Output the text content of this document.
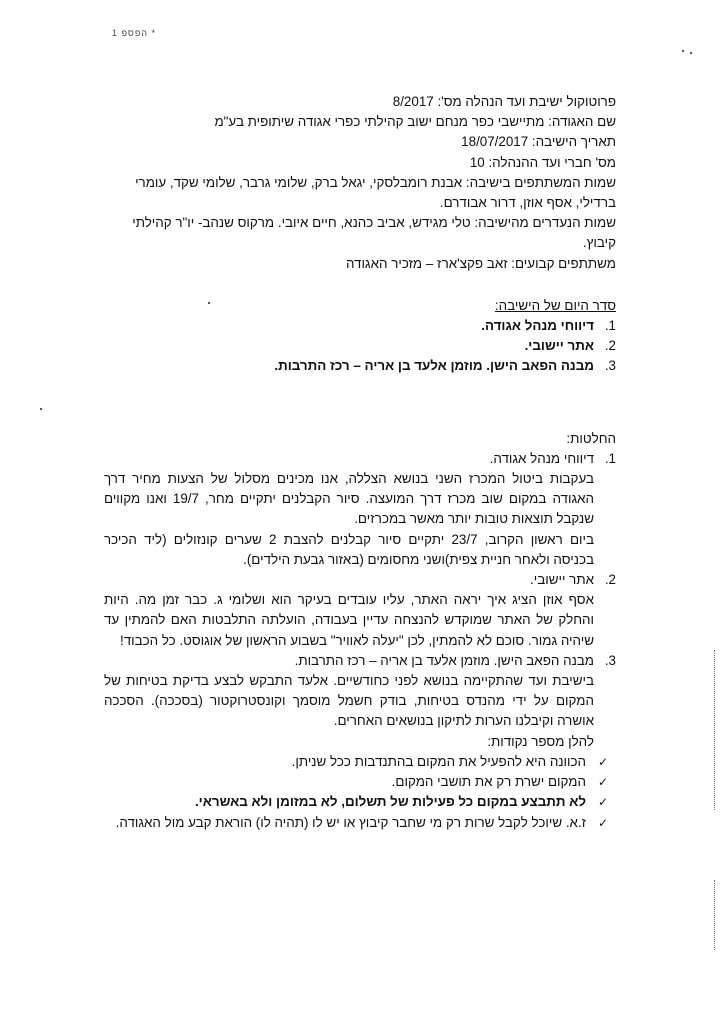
הפספ 1 *

פרוטוקול ישיבת ועד הנהלה מס': 8/2017

שם האגודה: מתיישבי כפר מנחם ישוב קהילתי כפרי אגודה שיתופית בע"מ

תאריך הישיבה: 18/07/2017

מס' חברי ועד ההנהלה: 10

שמות המשתתפים בישיבה: אבנת רומבלסקי, יגאל ברק, שלומי גרבר, שלומי שקד, עומרי ברדילי, אסף אוזן, דרור אבודרם.

שמות הנעדרים מהישיבה: טלי מגידש, אביב כהנא, חיים איובי. מרקוס שנהב- יו"ר קהילתי קיבוץ.

משתתפים קבועים: זאב פקצ'ארז – מזכיר האגודה

סדר היום של הישיבה:

1.
דיווחי מנהל אגודה.
2.
אתר יישובי.
3.
מבנה הפאב הישן. מוזמן אלעד בן אריה – רכז התרבות.

החלטות:

1.
דיווחי מנהל אגודה.

בעקבות ביטול המכרז השני בנושא הצללה, אנו מכינים מסלול של הצעות מחיר דרך האגודה במקום שוב מכרז דרך המועצה. סיור הקבלנים יתקיים מחר, 19/7 ואנו מקווים שנקבל תוצאות טובות יותר מאשר במכרזים.

ביום ראשון הקרוב, 23/7 יתקיים סיור קבלנים להצבת 2 שערים קונזולים (ליד הכיכר בכניסה ולאחר חניית צפית)ושני מחסומים (באזור גבעת הילדים).

2.
אתר יישובי.

אסף אוזן הציג איך יראה האתר, עליו עובדים בעיקר הוא ושלומי ג. כבר זמן מה. היות והחלק של האתר שמוקדש להנצחה עדיין בעבודה, הועלתה התלבטות האם להמתין עד שיהיה גמור. סוכם לא להמתין, לכן "יעלה לאוויר" בשבוע הראשון של אוגוסט. כל הכבוד!

3.
מבנה הפאב הישן. מוזמן אלעד בן אריה – רכז התרבות.

בישיבת ועד שהתקיימה בנושא לפני כחודשיים. אלעד התבקש לבצע בדיקת בטיחות של המקום על ידי מהנדס בטיחות, בודק חשמל מוסמך וקונסטרוקטור (בסככה). הסככה אושרה וקיבלנו הערות לתיקון בנושאים האחרים.

להלן מספר נקודות:

✓
הכוונה היא להפעיל את המקום בהתנדבות ככל שניתן.
✓
המקום ישרת רק את תושבי המקום.
✓
לא תתבצע במקום כל פעילות של תשלום, לא במזומן ולא באשראי.
✓
ז.א. שיוכל לקבל שרות רק מי שחבר קיבוץ או יש לו (תהיה לו) הוראת קבע מול האגודה.
